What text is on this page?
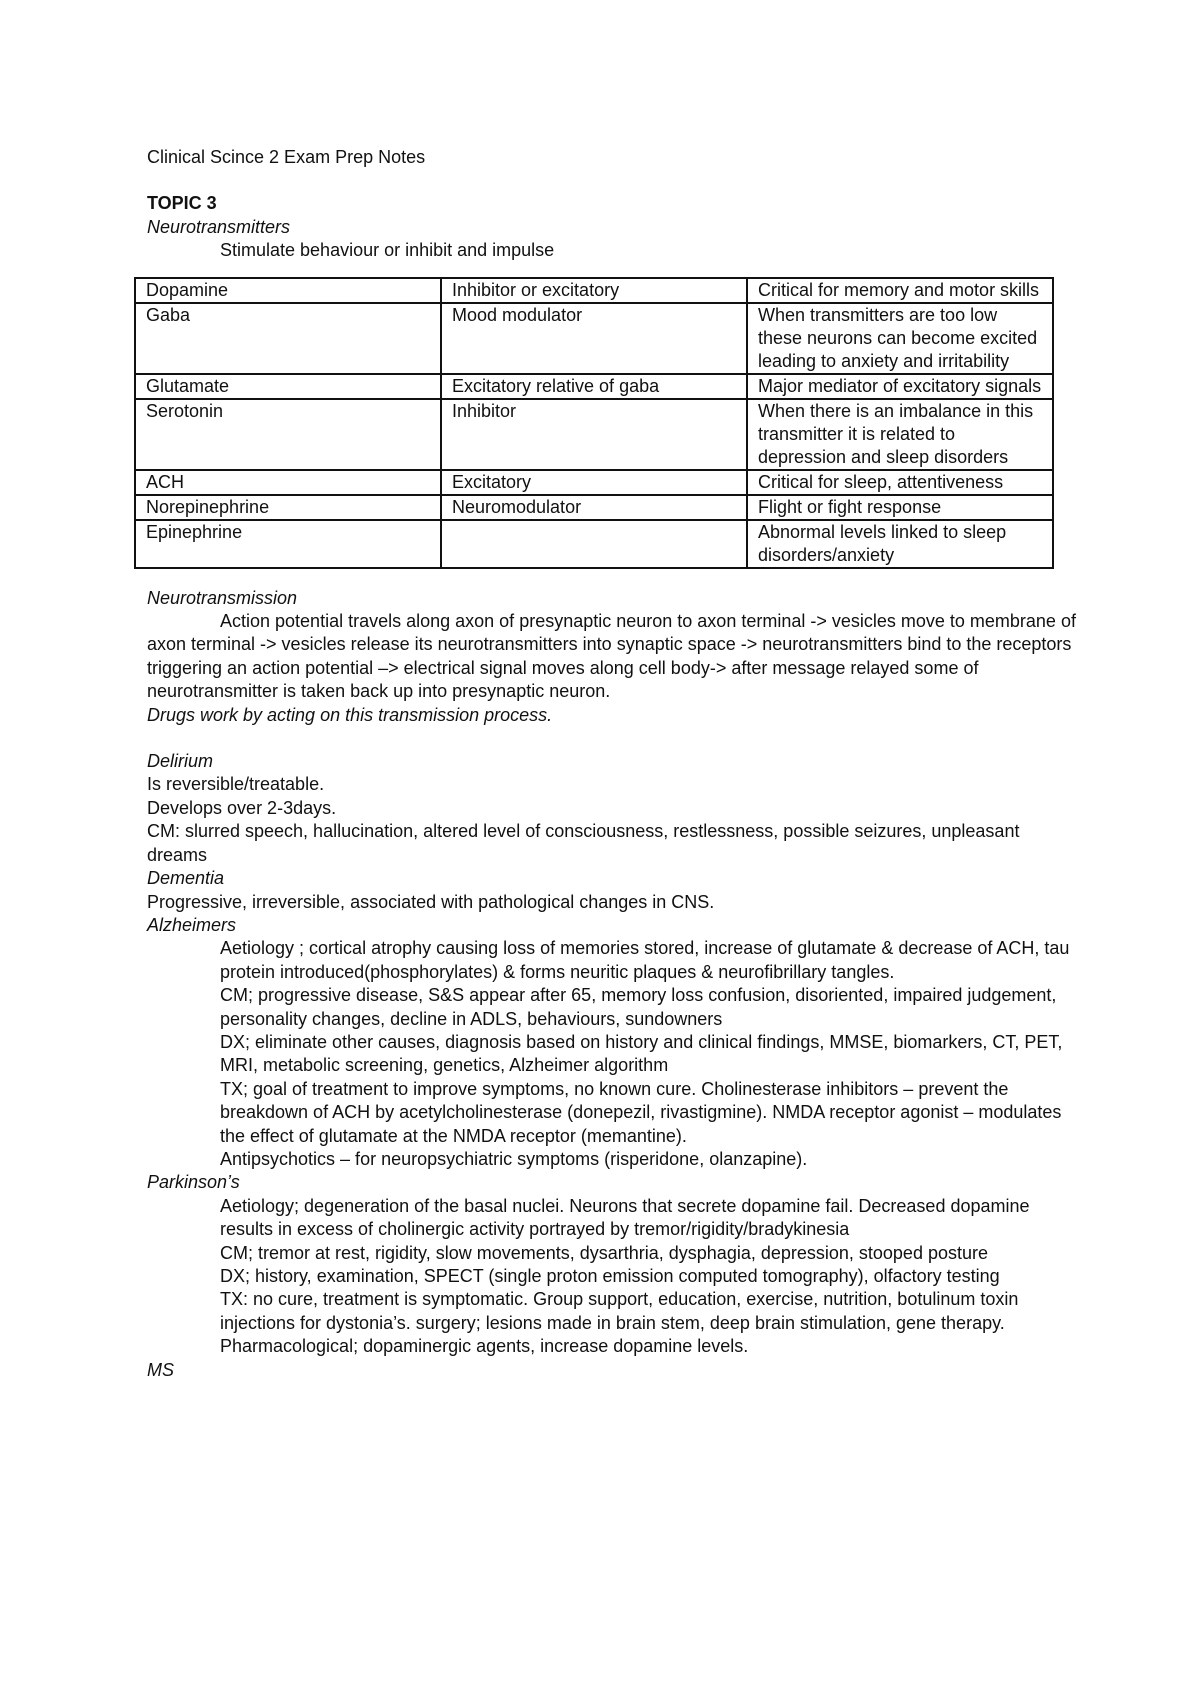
Clinical Scince 2 Exam Prep Notes

TOPIC 3

Neurotransmitters

Stimulate behaviour or inhibit and impulse

Dopamine	Inhibitor or excitatory	Critical for memory and motor skills
Gaba	Mood modulator	When transmitters are too low these neurons can become excited leading to anxiety and irritability
Glutamate	Excitatory relative of gaba	Major mediator of excitatory signals
Serotonin	Inhibitor	When there is an imbalance in this transmitter it is related to depression and sleep disorders
ACH	Excitatory	Critical for sleep, attentiveness
Norepinephrine	Neuromodulator	Flight or fight response
Epinephrine		Abnormal levels linked to sleep disorders/anxiety

Neurotransmission

Action potential travels along axon of presynaptic neuron to axon terminal -> vesicles move to membrane of axon terminal -> vesicles release its neurotransmitters into synaptic space -> neurotransmitters bind to the receptors triggering an action potential –> electrical signal moves along cell body-> after message relayed some of neurotransmitter is taken back up into presynaptic neuron.

Drugs work by acting on this transmission process.

Delirium

Is reversible/treatable.

Develops over 2-3days.

CM: slurred speech, hallucination, altered level of consciousness, restlessness, possible seizures, unpleasant dreams

Dementia

Progressive, irreversible, associated with pathological changes in CNS.

Alzheimers

Aetiology ; cortical atrophy causing loss of memories stored, increase of glutamate & decrease of ACH, tau protein introduced(phosphorylates) & forms neuritic plaques & neurofibrillary tangles.

CM; progressive disease, S&S appear after 65, memory loss confusion, disoriented, impaired judgement, personality changes, decline in ADLS, behaviours, sundowners

DX; eliminate other causes, diagnosis based on history and clinical findings, MMSE, biomarkers, CT, PET, MRI, metabolic screening, genetics, Alzheimer algorithm

TX; goal of treatment to improve symptoms, no known cure. Cholinesterase inhibitors – prevent the breakdown of ACH by acetylcholinesterase (donepezil, rivastigmine). NMDA receptor agonist – modulates the effect of glutamate at the NMDA receptor (memantine).

Antipsychotics – for neuropsychiatric symptoms (risperidone, olanzapine).

Parkinson’s

Aetiology; degeneration of the basal nuclei. Neurons that secrete dopamine fail. Decreased dopamine results in excess of cholinergic activity portrayed by tremor/rigidity/bradykinesia

CM; tremor at rest, rigidity, slow movements, dysarthria, dysphagia, depression, stooped posture

DX; history, examination, SPECT (single proton emission computed tomography), olfactory testing

TX: no cure, treatment is symptomatic. Group support, education, exercise, nutrition, botulinum toxin injections for dystonia’s. surgery; lesions made in brain stem, deep brain stimulation, gene therapy. Pharmacological; dopaminergic agents, increase dopamine levels.

MS
